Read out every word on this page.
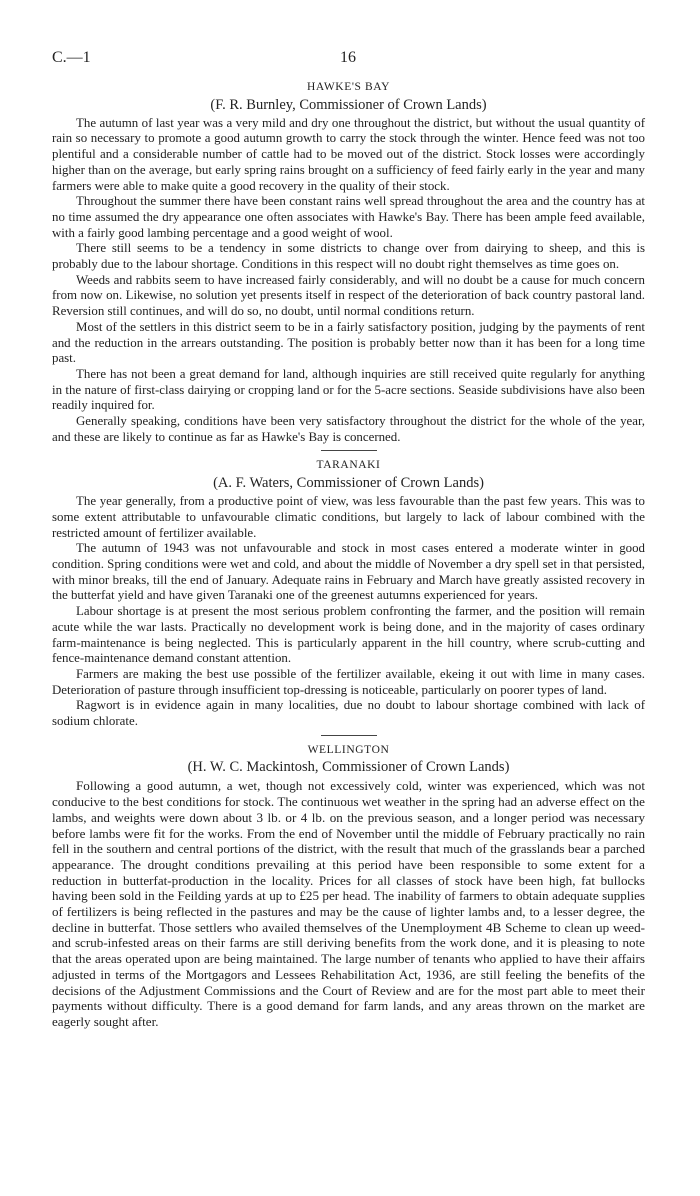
C.—1	16
HAWKE'S BAY
(F. R. Burnley, Commissioner of Crown Lands)

The autumn of last year was a very mild and dry one throughout the district, but without the usual quantity of rain so necessary to promote a good autumn growth to carry the stock through the winter. Hence feed was not too plentiful and a considerable number of cattle had to be moved out of the district. Stock losses were accordingly higher than on the average, but early spring rains brought on a sufficiency of feed fairly early in the year and many farmers were able to make quite a good recovery in the quality of their stock.

Throughout the summer there have been constant rains well spread throughout the area and the country has at no time assumed the dry appearance one often associates with Hawke's Bay. There has been ample feed available, with a fairly good lambing percentage and a good weight of wool.

There still seems to be a tendency in some districts to change over from dairying to sheep, and this is probably due to the labour shortage. Conditions in this respect will no doubt right themselves as time goes on.

Weeds and rabbits seem to have increased fairly considerably, and will no doubt be a cause for much concern from now on. Likewise, no solution yet presents itself in respect of the deterioration of back country pastoral land. Reversion still continues, and will do so, no doubt, until normal conditions return.

Most of the settlers in this district seem to be in a fairly satisfactory position, judging by the payments of rent and the reduction in the arrears outstanding. The position is probably better now than it has been for a long time past.

There has not been a great demand for land, although inquiries are still received quite regularly for anything in the nature of first-class dairying or cropping land or for the 5-acre sections. Seaside subdivisions have also been readily inquired for.

Generally speaking, conditions have been very satisfactory throughout the district for the whole of the year, and these are likely to continue as far as Hawke's Bay is concerned.

TARANAKI
(A. F. Waters, Commissioner of Crown Lands)

The year generally, from a productive point of view, was less favourable than the past few years. This was to some extent attributable to unfavourable climatic conditions, but largely to lack of labour combined with the restricted amount of fertilizer available.

The autumn of 1943 was not unfavourable and stock in most cases entered a moderate winter in good condition. Spring conditions were wet and cold, and about the middle of November a dry spell set in that persisted, with minor breaks, till the end of January. Adequate rains in February and March have greatly assisted recovery in the butterfat yield and have given Taranaki one of the greenest autumns experienced for years.

Labour shortage is at present the most serious problem confronting the farmer, and the position will remain acute while the war lasts. Practically no development work is being done, and in the majority of cases ordinary farm-maintenance is being neglected. This is particularly apparent in the hill country, where scrub-cutting and fence-maintenance demand constant attention.

Farmers are making the best use possible of the fertilizer available, ekeing it out with lime in many cases. Deterioration of pasture through insufficient top-dressing is noticeable, particularly on poorer types of land.

Ragwort is in evidence again in many localities, due no doubt to labour shortage combined with lack of sodium chlorate.

WELLINGTON
(H. W. C. Mackintosh, Commissioner of Crown Lands)

Following a good autumn, a wet, though not excessively cold, winter was experienced, which was not conducive to the best conditions for stock. The continuous wet weather in the spring had an adverse effect on the lambs, and weights were down about 3 lb. or 4 lb. on the previous season, and a longer period was necessary before lambs were fit for the works. From the end of November until the middle of February practically no rain fell in the southern and central portions of the district, with the result that much of the grasslands bear a parched appearance. The drought conditions prevailing at this period have been responsible to some extent for a reduction in butterfat-production in the locality. Prices for all classes of stock have been high, fat bullocks having been sold in the Feilding yards at up to £25 per head. The inability of farmers to obtain adequate supplies of fertilizers is being reflected in the pastures and may be the cause of lighter lambs and, to a lesser degree, the decline in butterfat. Those settlers who availed themselves of the Unemployment 4B Scheme to clean up weed- and scrub-infested areas on their farms are still deriving benefits from the work done, and it is pleasing to note that the areas operated upon are being maintained. The large number of tenants who applied to have their affairs adjusted in terms of the Mortgagors and Lessees Rehabilitation Act, 1936, are still feeling the benefits of the decisions of the Adjustment Commissions and the Court of Review and are for the most part able to meet their payments without difficulty. There is a good demand for farm lands, and any areas thrown on the market are eagerly sought after.
